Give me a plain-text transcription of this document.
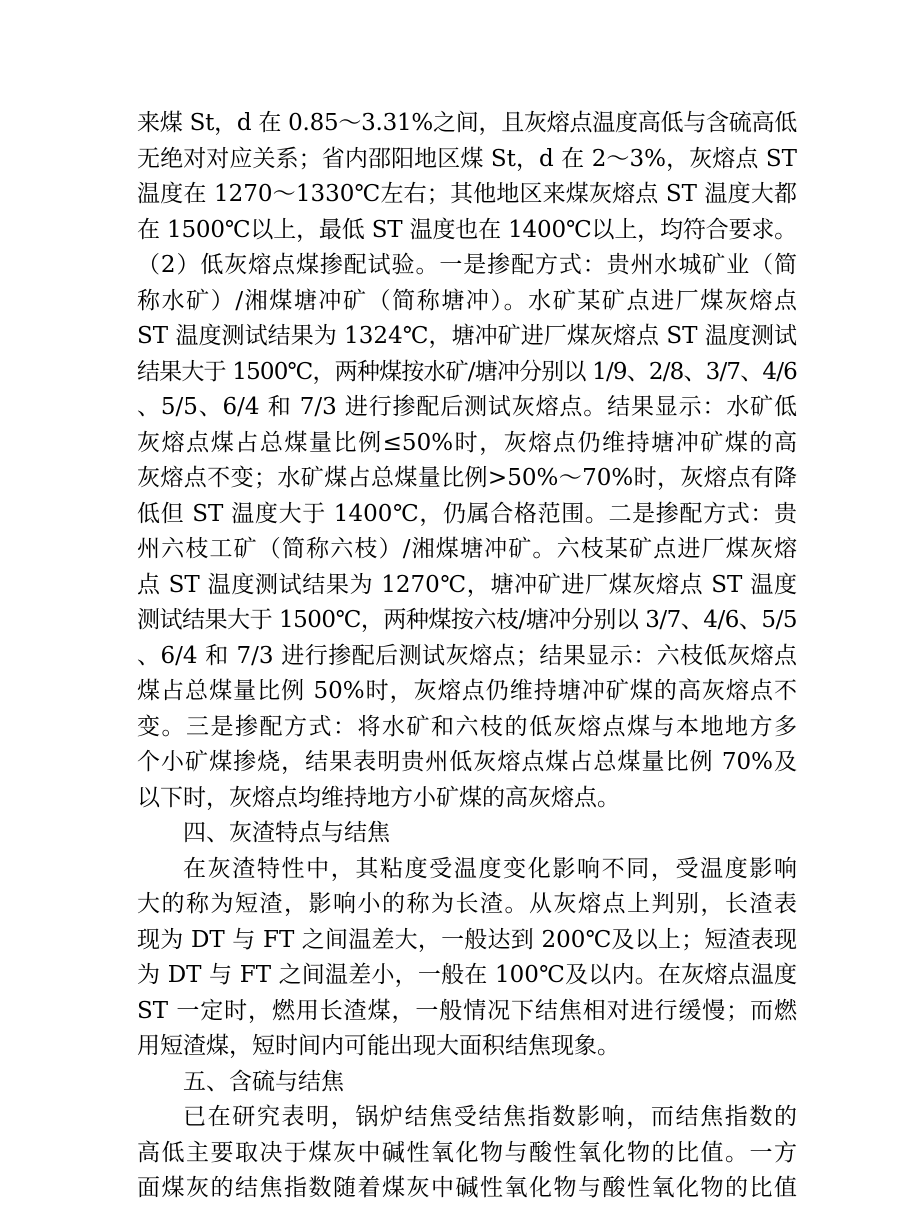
来煤 St，d 在 0.85～3.31%之间，且灰熔点温度高低与含硫高低
无绝对对应关系；省内邵阳地区煤 St，d 在 2～3%，灰熔点 ST
温度在 1270～1330℃左右；其他地区来煤灰熔点 ST 温度大都
在 1500℃以上，最低 ST 温度也在 1400℃以上，均符合要求。
（2）低灰熔点煤掺配试验。一是掺配方式：贵州水城矿业（简
称水矿）/湘煤塘冲矿（简称塘冲）。水矿某矿点进厂煤灰熔点
ST 温度测试结果为 1324℃，塘冲矿进厂煤灰熔点 ST 温度测试
结果大于 1500℃，两种煤按水矿/塘冲分别以 1/9、2/8、3/7、4/6
、5/5、6/4 和 7/3 进行掺配后测试灰熔点。结果显示：水矿低
灰熔点煤占总煤量比例≤50%时，灰熔点仍维持塘冲矿煤的高
灰熔点不变；水矿煤占总煤量比例>50%～70%时，灰熔点有降
低但 ST 温度大于 1400℃，仍属合格范围。二是掺配方式：贵
州六枝工矿（简称六枝）/湘煤塘冲矿。六枝某矿点进厂煤灰熔
点 ST 温度测试结果为 1270℃，塘冲矿进厂煤灰熔点 ST 温度
测试结果大于 1500℃，两种煤按六枝/塘冲分别以 3/7、4/6、5/5
、6/4 和 7/3 进行掺配后测试灰熔点；结果显示：六枝低灰熔点
煤占总煤量比例 50%时，灰熔点仍维持塘冲矿煤的高灰熔点不
变。三是掺配方式：将水矿和六枝的低灰熔点煤与本地地方多
个小矿煤掺烧，结果表明贵州低灰熔点煤占总煤量比例 70%及
以下时，灰熔点均维持地方小矿煤的高灰熔点。
四、灰渣特点与结焦
在灰渣特性中，其粘度受温度变化影响不同，受温度影响
大的称为短渣，影响小的称为长渣。从灰熔点上判别，长渣表
现为 DT 与 FT 之间温差大，一般达到 200℃及以上；短渣表现
为 DT 与 FT 之间温差小，一般在 100℃及以内。在灰熔点温度
ST 一定时，燃用长渣煤，一般情况下结焦相对进行缓慢；而燃
用短渣煤，短时间内可能出现大面积结焦现象。
五、含硫与结焦
已在研究表明，锅炉结焦受结焦指数影响，而结焦指数的
高低主要取决于煤灰中碱性氧化物与酸性氧化物的比值。一方
面煤灰的结焦指数随着煤灰中碱性氧化物与酸性氧化物的比值
